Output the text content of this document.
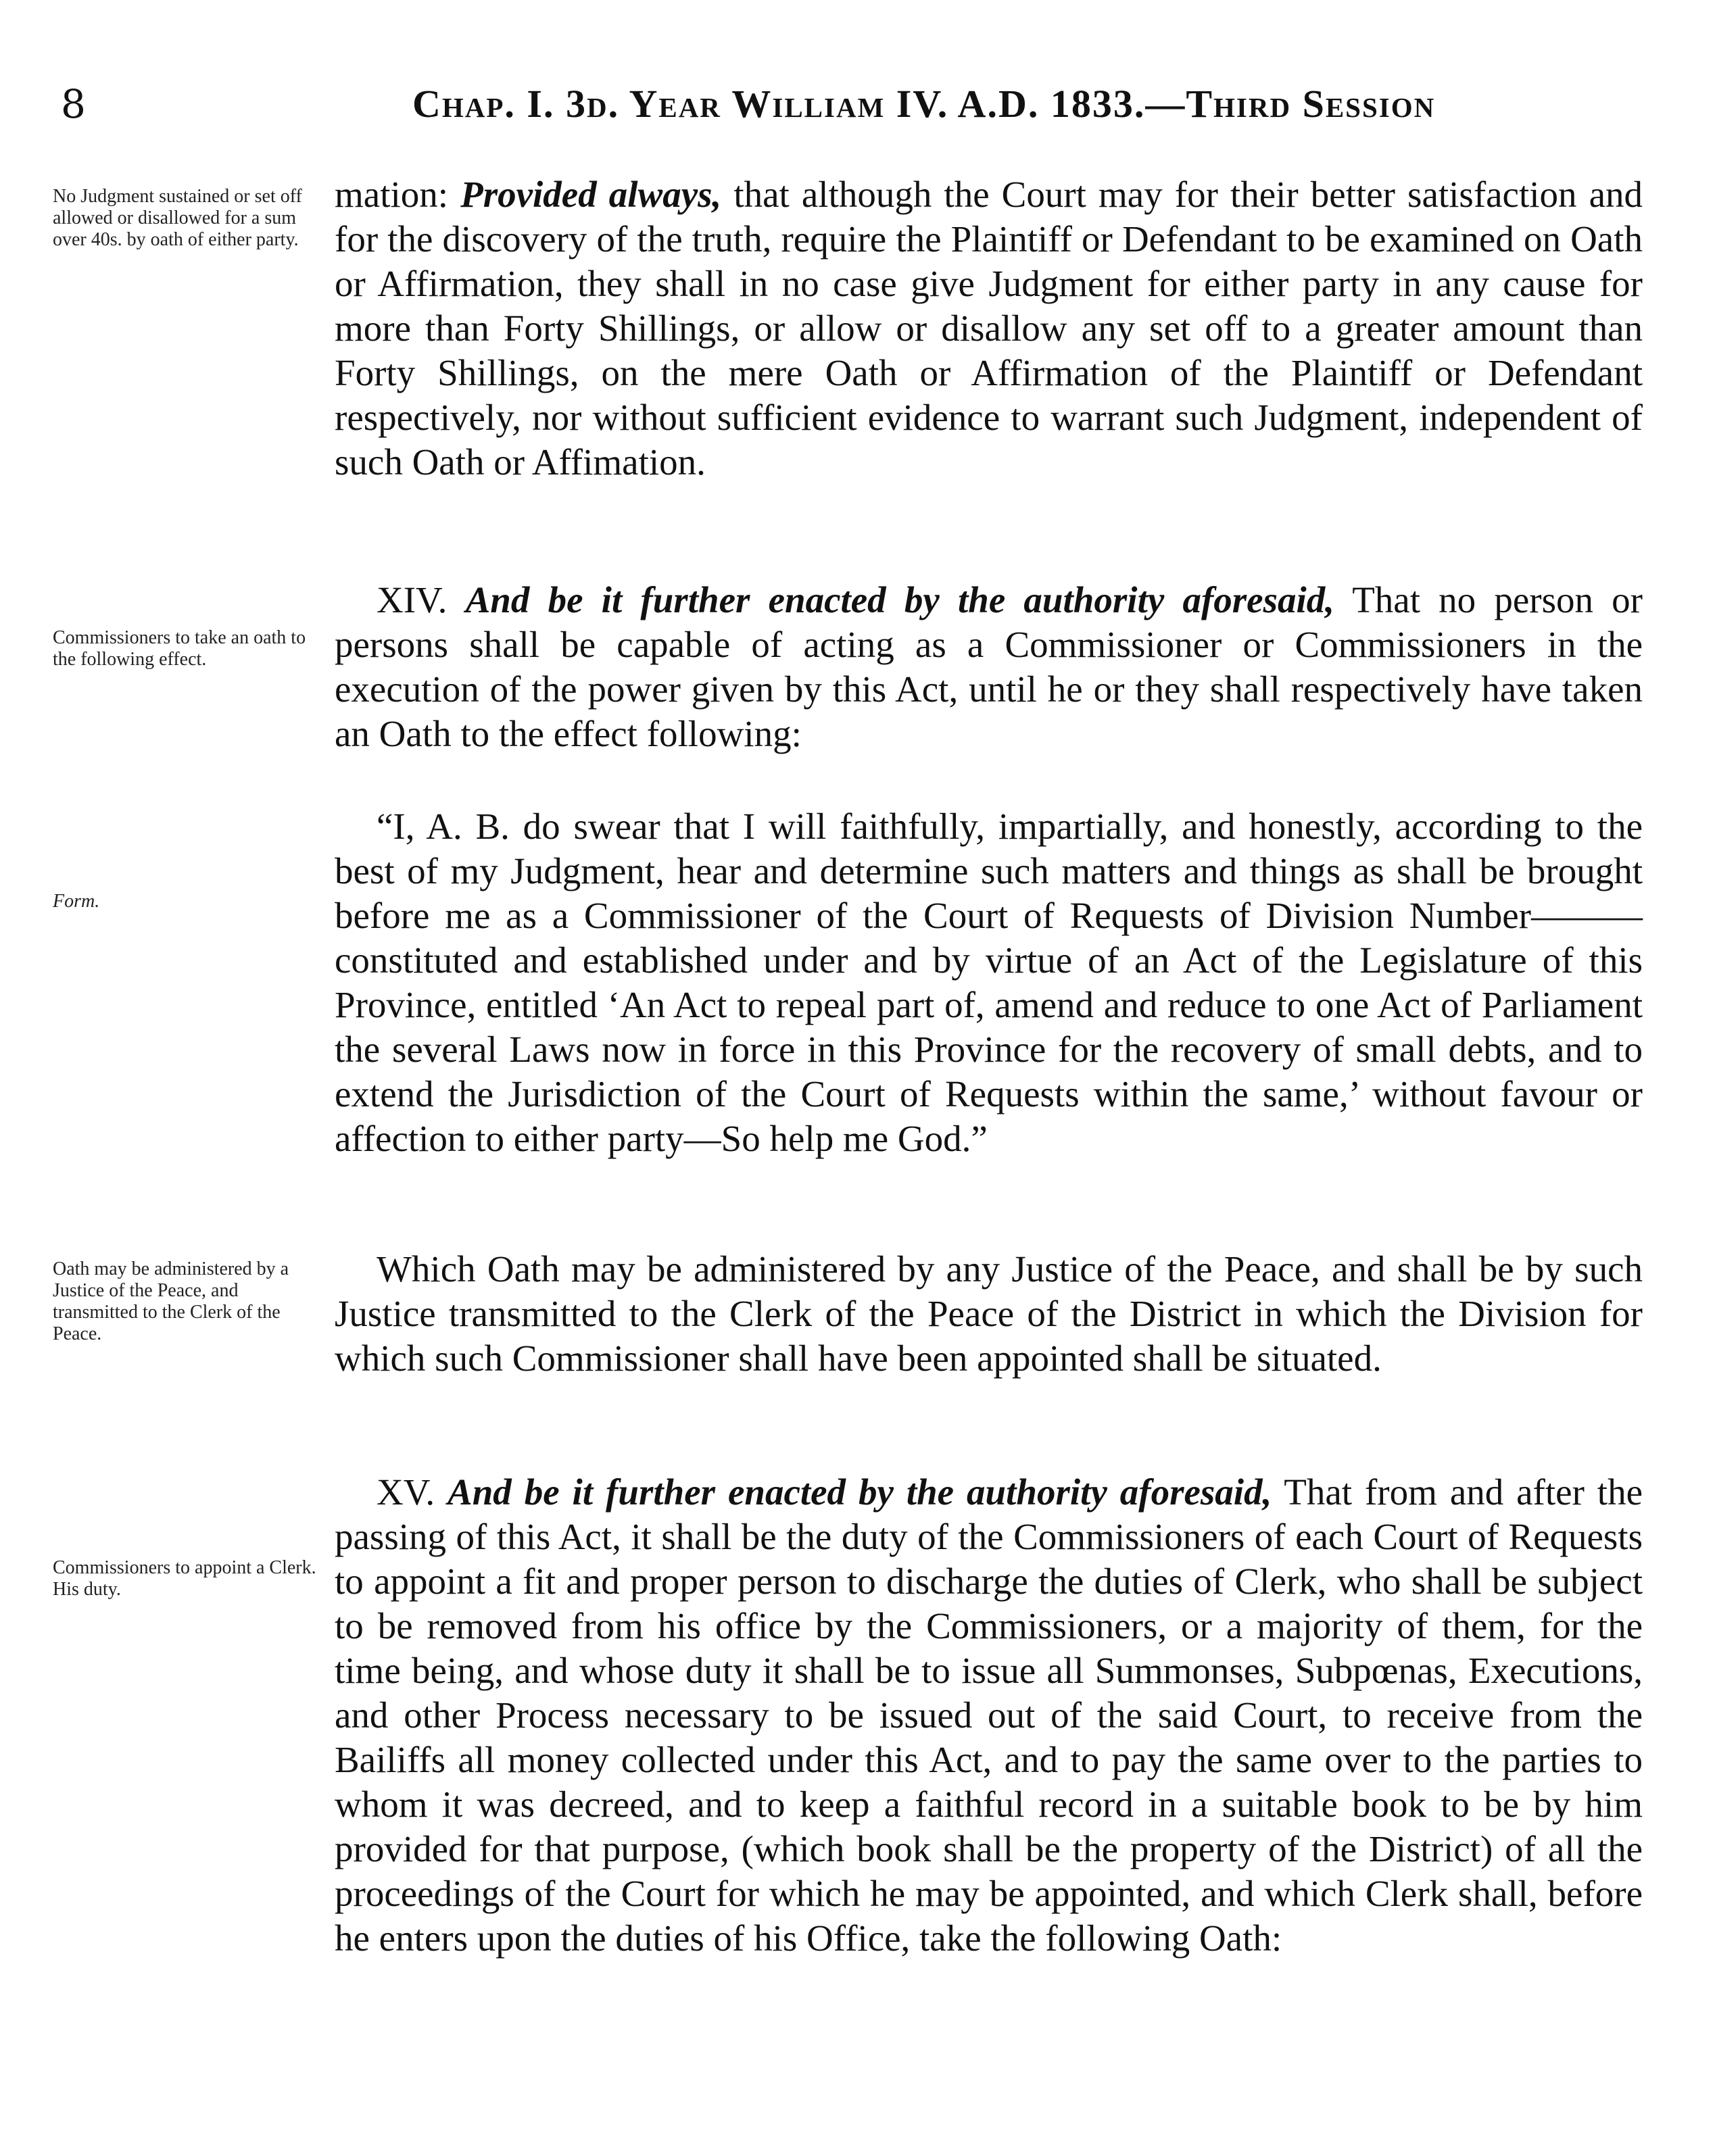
8	Chap. I. 3d. Year William IV. A.D. 1833.—Third Session
No Judgment sustained or set off allowed or disallowed for a sum over 40s. by oath of either party.
Commissioners to take an oath to the following effect.
Form.
Oath may be administered by a Justice of the Peace, and transmitted to the Clerk of the Peace.
Commissioners to appoint a Clerk. His duty.

mation: Provided always, that although the Court may for their better satisfaction and for the discovery of the truth, require the Plaintiff or Defendant to be examined on Oath or Affirmation, they shall in no case give Judgment for either party in any cause for more than Forty Shillings, or allow or disallow any set off to a greater amount than Forty Shillings, on the mere Oath or Affirmation of the Plaintiff or Defendant respectively, nor without sufficient evidence to warrant such Judgment, independent of such Oath or Affimation.

XIV. And be it further enacted by the authority aforesaid, That no person or persons shall be capable of acting as a Commissioner or Commissioners in the execution of the power given by this Act, until he or they shall respectively have taken an Oath to the effect following:

“I, A. B. do swear that I will faithfully, impartially, and honestly, according to the best of my Judgment, hear and determine such matters and things as shall be brought before me as a Commissioner of the Court of Requests of Division Number———constituted and established under and by virtue of an Act of the Legislature of this Province, entitled ‘An Act to repeal part of, amend and reduce to one Act of Parliament the several Laws now in force in this Province for the recovery of small debts, and to extend the Jurisdiction of the Court of Requests within the same,’ without favour or affection to either party—So help me God.”

Which Oath may be administered by any Justice of the Peace, and shall be by such Justice transmitted to the Clerk of the Peace of the District in which the Division for which such Commissioner shall have been appointed shall be situated.

XV. And be it further enacted by the authority aforesaid, That from and after the passing of this Act, it shall be the duty of the Commissioners of each Court of Requests to appoint a fit and proper person to discharge the duties of Clerk, who shall be subject to be removed from his office by the Commissioners, or a majority of them, for the time being, and whose duty it shall be to issue all Summonses, Subpœnas, Executions, and other Process necessary to be issued out of the said Court, to receive from the Bailiffs all money collected under this Act, and to pay the same over to the parties to whom it was decreed, and to keep a faithful record in a suitable book to be by him provided for that purpose, (which book shall be the property of the District) of all the proceedings of the Court for which he may be appointed, and which Clerk shall, before he enters upon the duties of his Office, take the following Oath:
